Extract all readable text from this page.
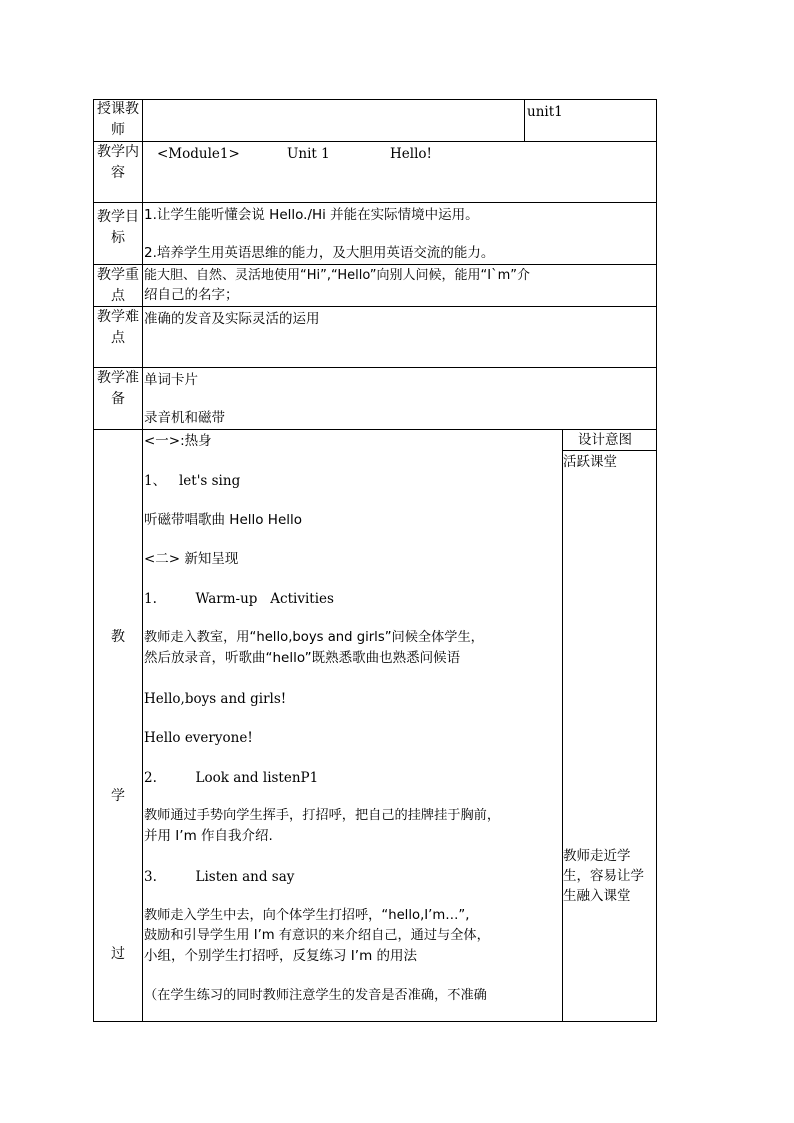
授课教师
unit1
教学内容
<Module1>	Unit 1	Hello!
教学目标
1.让学生能听懂会说 Hello./Hi 并能在实际情境中运用。
2.培养学生用英语思维的能力，及大胆用英语交流的能力。
教学重点
能大胆、自然、灵活地使用“Hi”,“Hello”向别人问候，能用“I`m”介
绍自己的名字；
教学难点
准确的发音及实际灵活的运用
教学准备
单词卡片
录音机和磁带
教
学
过
设计意图
活跃课堂
教师走近学生，容易让学生融入课堂
<一>:热身
1、   let's sing
听磁带唱歌曲 Hello Hello
<二> 新知呈现
1.         Warm-up   Activities
教师走入教室，用“hello,boys and girls”问候全体学生，
然后放录音，听歌曲“hello”既熟悉歌曲也熟悉问候语
Hello,boys and girls!
Hello everyone!
2.         Look and listenP1
教师通过手势向学生挥手，打招呼，把自己的挂牌挂于胸前，
并用 I’m 作自我介绍.
3.         Listen and say
教师走入学生中去，向个体学生打招呼，“hello,I’m…”,
鼓励和引导学生用 I’m 有意识的来介绍自己，通过与全体，
小组，个别学生打招呼，反复练习 I’m 的用法
（在学生练习的同时教师注意学生的发音是否准确，不准确
